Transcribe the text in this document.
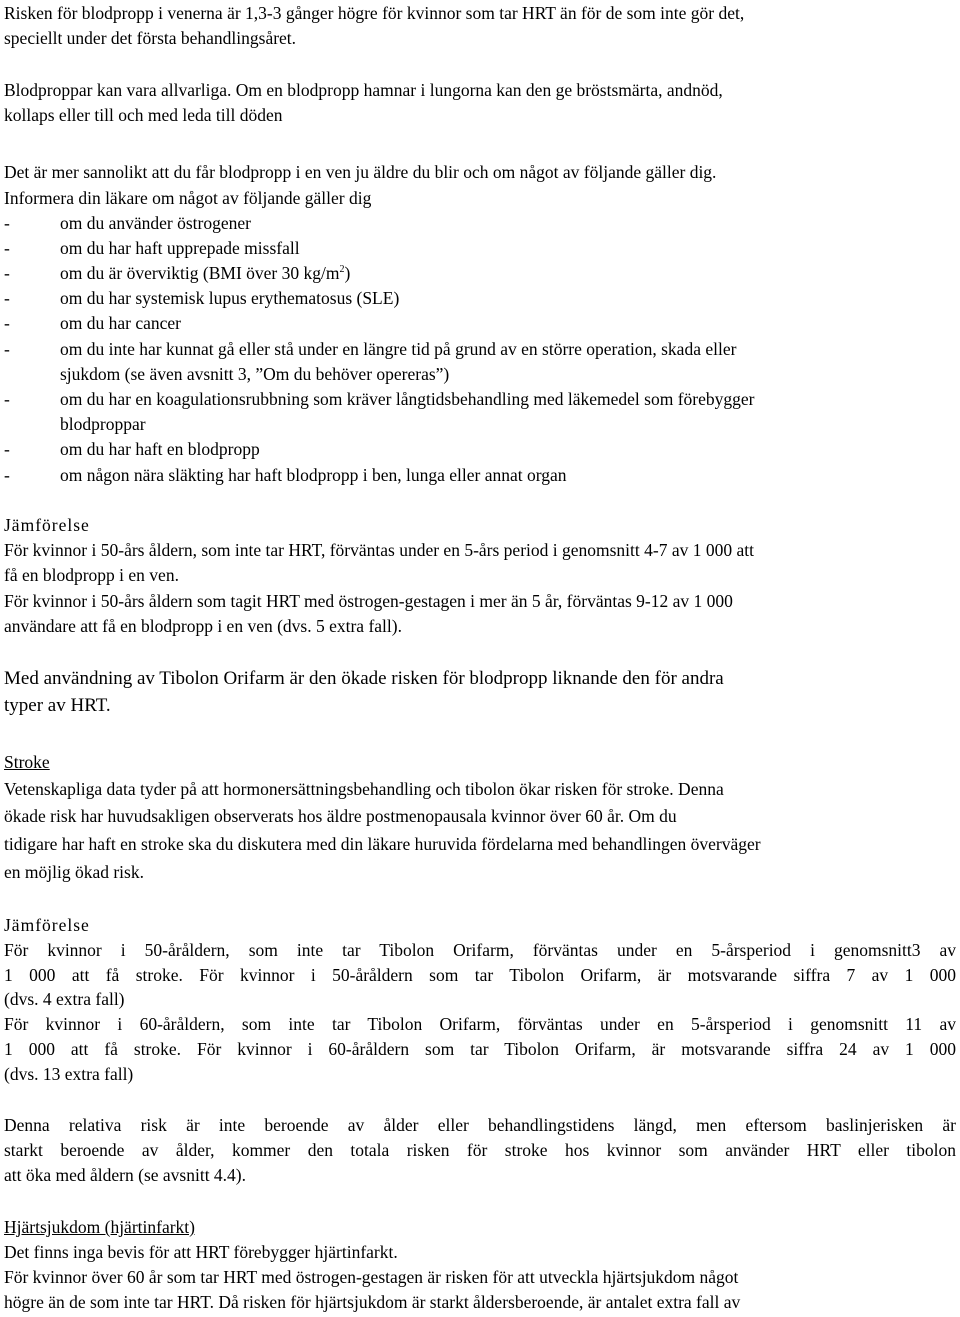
Risken för blodpropp i venerna är 1,3-3 gånger högre för kvinnor som tar HRT än för de som inte gör det,
speciellt under det första behandlingsåret.
Blodproppar kan vara allvarliga. Om en blodpropp hamnar i lungorna kan den ge bröstsmärta, andnöd,
kollaps eller till och med leda till döden
Det är mer sannolikt att du får blodpropp i en ven ju äldre du blir och om något av följande gäller dig.
Informera din läkare om något av följande gäller dig
-	om du använder östrogener
-	om du har haft upprepade missfall
-	om du är överviktig (BMI över 30 $kg/m^2$)
-	om du har systemisk lupus erythematosus (SLE)
-	om du har cancer
-	om du inte har kunnat gå eller stå under en längre tid på grund av en större operation, skada eller
sjukdom (se även avsnitt 3, ”Om du behöver opereras”)
-	om du har en koagulationsrubbning som kräver långtidsbehandling med läkemedel som förebygger
blodproppar
-	om du har haft en blodpropp
-	om någon nära släkting har haft blodpropp i ben, lunga eller annat organ
Jämförelse
För kvinnor i 50-års åldern, som inte tar HRT, förväntas under en 5-års period i genomsnitt 4-7 av 1 000 att
få en blodpropp i en ven.
För kvinnor i 50-års åldern som tagit HRT med östrogen-gestagen i mer än 5 år, förväntas 9-12 av 1 000
användare att få en blodpropp i en ven (dvs. 5 extra fall).
Med användning av Tibolon Orifarm är den ökade risken för blodpropp liknande den för andra
typer av HRT.
Stroke
Vetenskapliga data tyder på att hormonersättningsbehandling och tibolon ökar risken för stroke. Denna
ökade risk har huvudsakligen observerats hos äldre postmenopausala kvinnor över 60 år. Om du
tidigare har haft en stroke ska du diskutera med din läkare huruvida fördelarna med behandlingen överväger
en möjlig ökad risk.
Jämförelse
För kvinnor i 50-åråldern, som inte tar Tibolon Orifarm, förväntas under en 5-årsperiod i genomsnitt3 av
1 000 att få stroke. För kvinnor i 50-åråldern som tar Tibolon Orifarm, är motsvarande siffra 7 av 1 000
(dvs. 4 extra fall)
För kvinnor i 60-åråldern, som inte tar Tibolon Orifarm, förväntas under en 5-årsperiod i genomsnitt 11 av
1 000 att få stroke. För kvinnor i 60-åråldern som tar Tibolon Orifarm, är motsvarande siffra 24 av 1 000
(dvs. 13 extra fall)
Denna relativa risk är inte beroende av ålder eller behandlingstidens längd, men eftersom baslinjerisken är
starkt beroende av ålder, kommer den totala risken för stroke hos kvinnor som använder HRT eller tibolon
att öka med åldern (se avsnitt 4.4).
Hjärtsjukdom (hjärtinfarkt)
Det finns inga bevis för att HRT förebygger hjärtinfarkt.
För kvinnor över 60 år som tar HRT med östrogen-gestagen är risken för att utveckla hjärtsjukdom något
högre än de som inte tar HRT. Då risken för hjärtsjukdom är starkt åldersberoende, är antalet extra fall av
